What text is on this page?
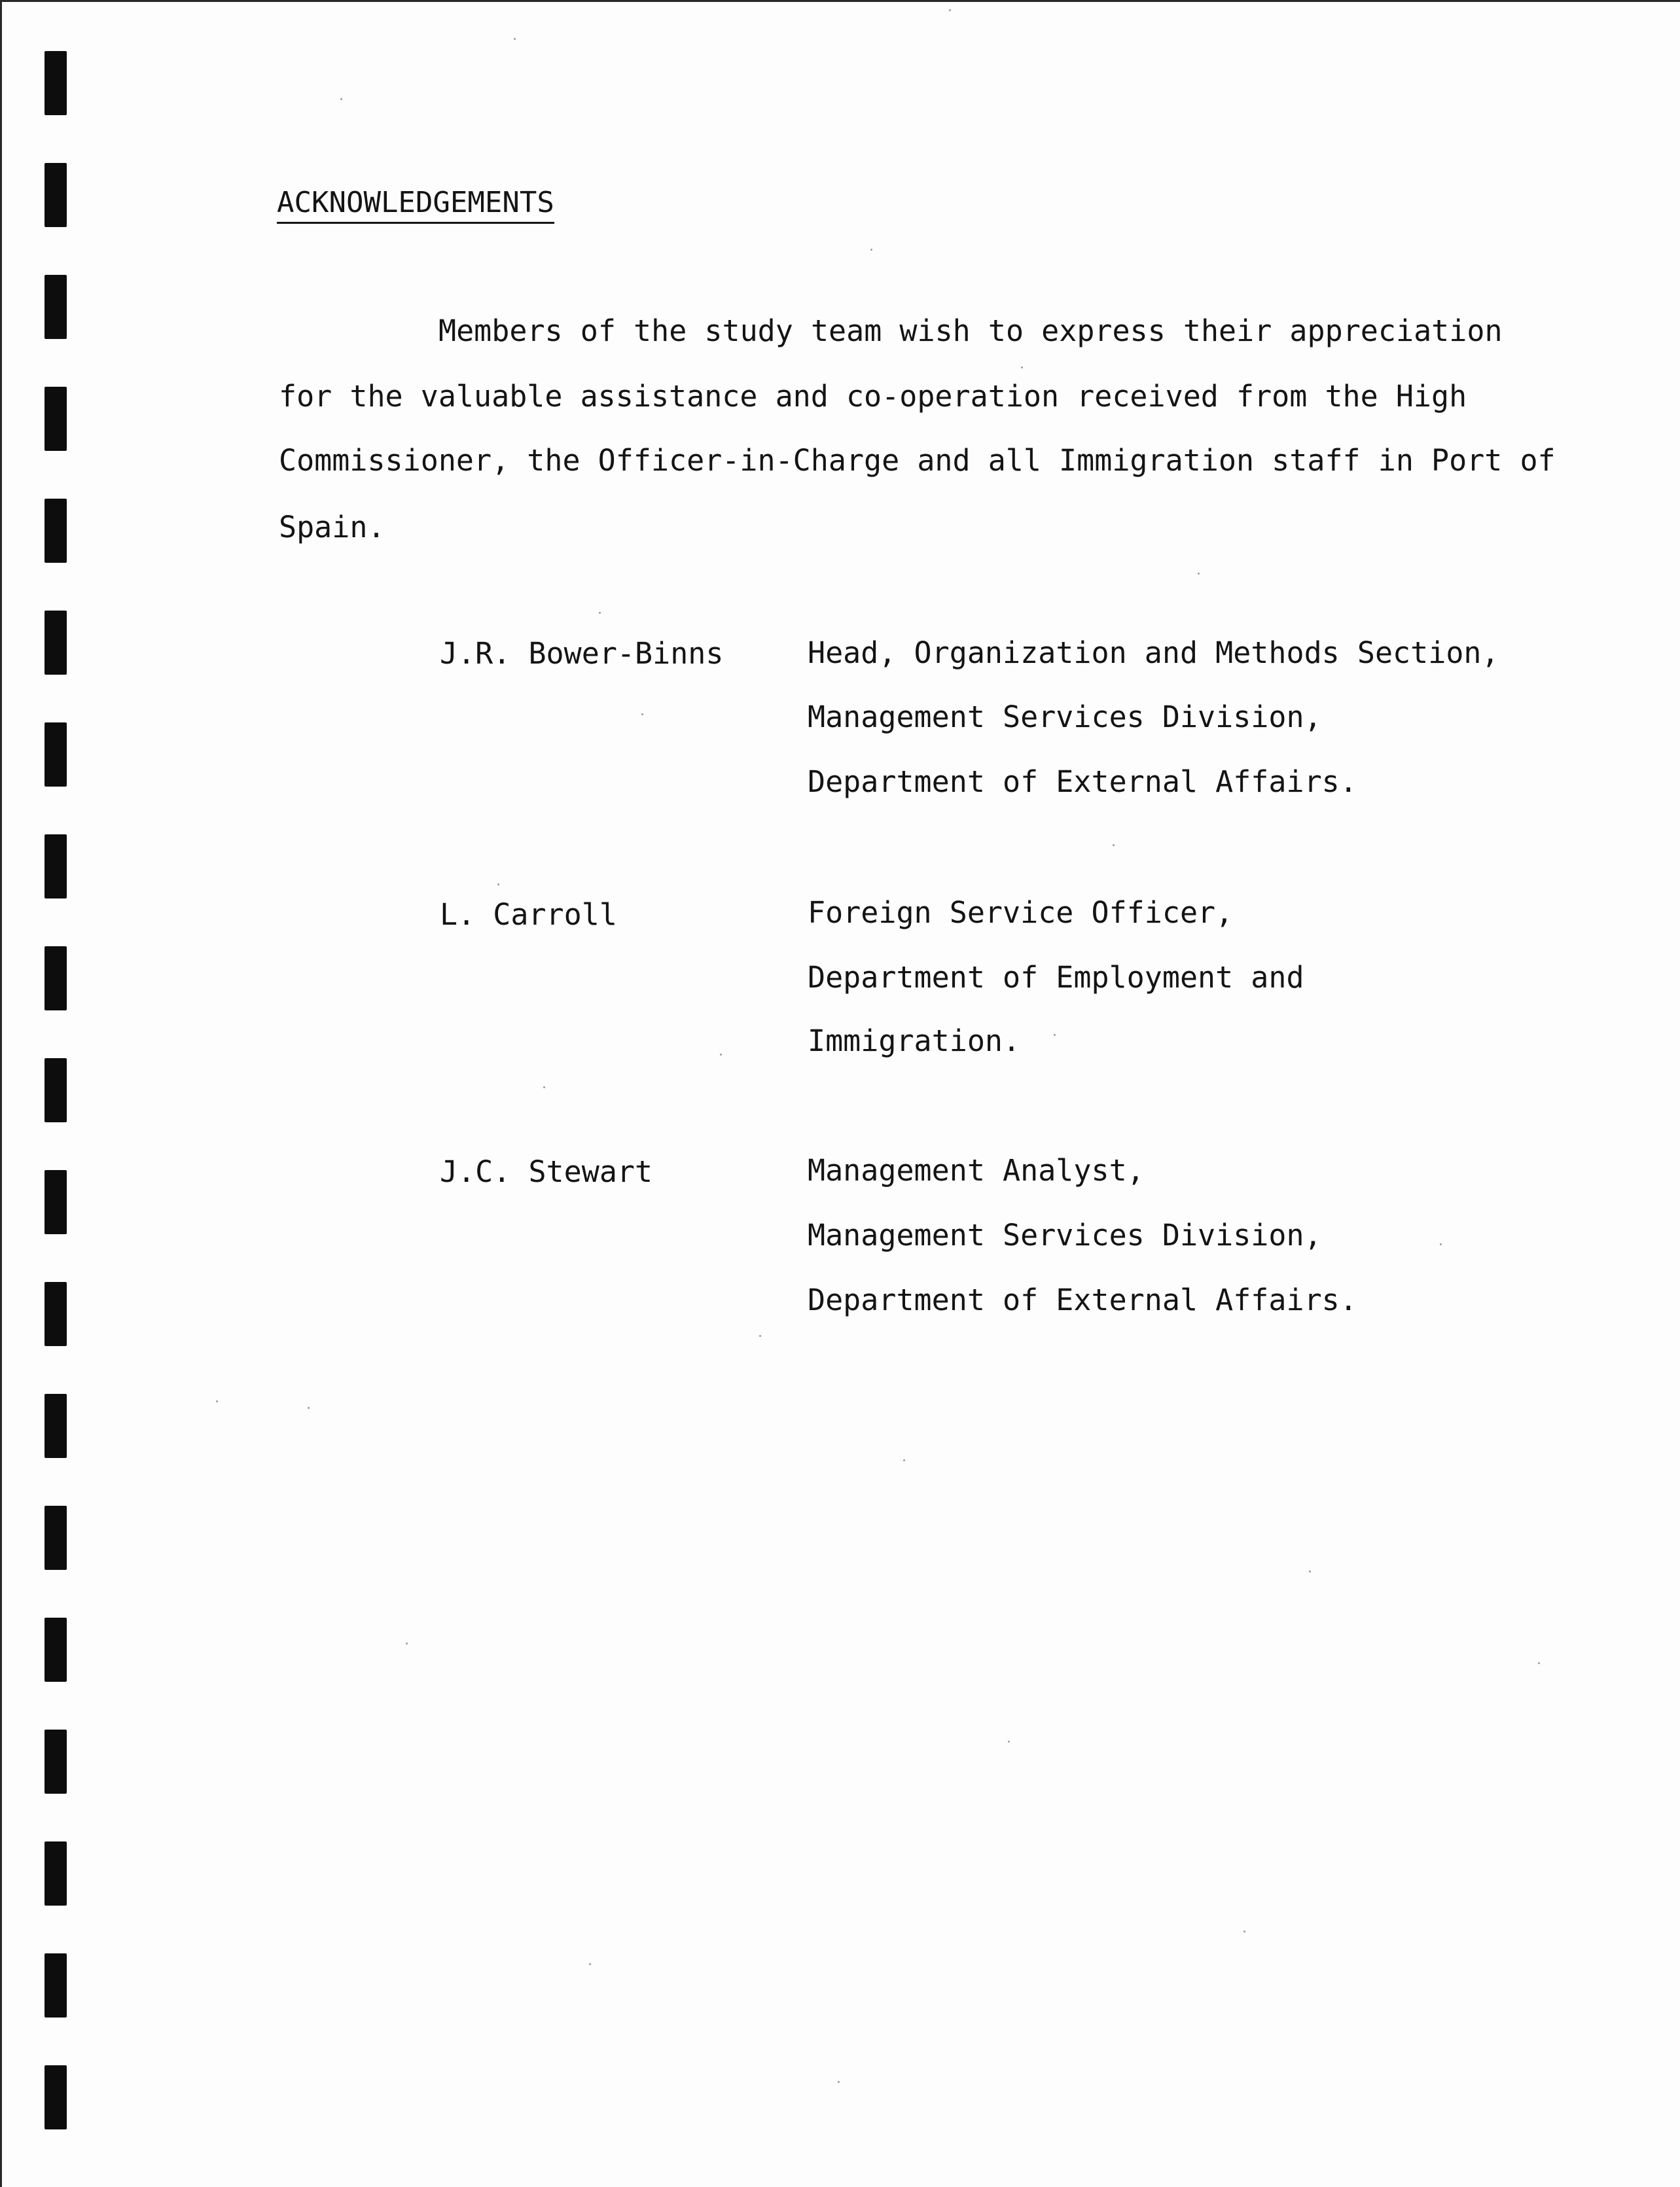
ACKNOWLEDGEMENTS
Members of the study team wish to express their appreciation
for the valuable assistance and co-operation received from the High
Commissioner, the Officer-in-Charge and all Immigration staff in Port of
Spain.
J.R. Bower-Binns	Head, Organization and Methods Section,
Management Services Division,
Department of External Affairs.
L. Carroll	Foreign Service Officer,
Department of Employment and
Immigration.
J.C. Stewart	Management Analyst,
Management Services Division,
Department of External Affairs.
